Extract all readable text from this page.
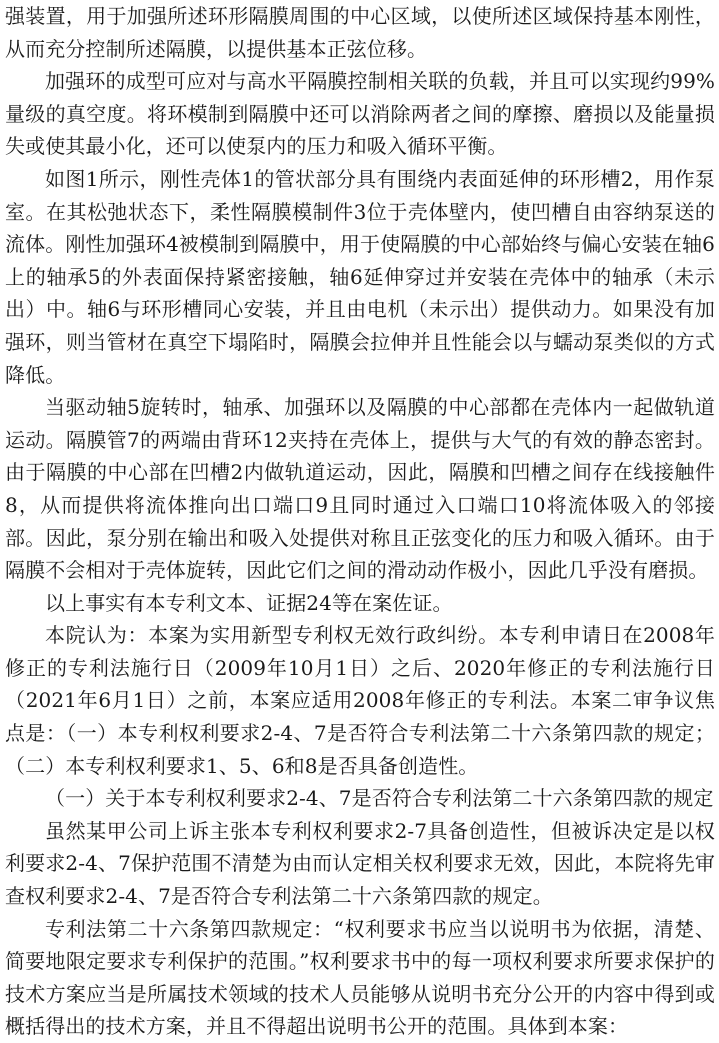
强装置，用于加强所述环形隔膜周围的中心区域，以使所述区域保持基本刚性，从而充分控制所述隔膜，以提供基本正弦位移。

加强环的成型可应对与高水平隔膜控制相关联的负载，并且可以实现约99%量级的真空度。将环模制到隔膜中还可以消除两者之间的摩擦、磨损以及能量损失或使其最小化，还可以使泵内的压力和吸入循环平衡。

如图1所示，刚性壳体1的管状部分具有围绕内表面延伸的环形槽2，用作泵室。在其松弛状态下，柔性隔膜模制件3位于壳体壁内，使凹槽自由容纳泵送的流体。刚性加强环4被模制到隔膜中，用于使隔膜的中心部始终与偏心安装在轴6上的轴承5的外表面保持紧密接触，轴6延伸穿过并安装在壳体中的轴承（未示出）中。轴6与环形槽同心安装，并且由电机（未示出）提供动力。如果没有加强环，则当管材在真空下塌陷时，隔膜会拉伸并且性能会以与蠕动泵类似的方式降低。

当驱动轴5旋转时，轴承、加强环以及隔膜的中心部都在壳体内一起做轨道运动。隔膜管7的两端由背环12夹持在壳体上，提供与大气的有效的静态密封。由于隔膜的中心部在凹槽2内做轨道运动，因此，隔膜和凹槽之间存在线接触件8，从而提供将流体推向出口端口9且同时通过入口端口10将流体吸入的邻接部。因此，泵分别在输出和吸入处提供对称且正弦变化的压力和吸入循环。由于隔膜不会相对于壳体旋转，因此它们之间的滑动动作极小，因此几乎没有磨损。

以上事实有本专利文本、证据24等在案佐证。

本院认为：本案为实用新型专利权无效行政纠纷。本专利申请日在2008年修正的专利法施行日（2009年10月1日）之后、2020年修正的专利法施行日（2021年6月1日）之前，本案应适用2008年修正的专利法。本案二审争议焦点是：（一）本专利权利要求2-4、7是否符合专利法第二十六条第四款的规定；（二）本专利权利要求1、5、6和8是否具备创造性。

（一）关于本专利权利要求2-4、7是否符合专利法第二十六条第四款的规定

虽然某甲公司上诉主张本专利权利要求2-7具备创造性，但被诉决定是以权利要求2-4、7保护范围不清楚为由而认定相关权利要求无效，因此，本院将先审查权利要求2-4、7是否符合专利法第二十六条第四款的规定。

专利法第二十六条第四款规定：“权利要求书应当以说明书为依据，清楚、简要地限定要求专利保护的范围。”权利要求书中的每一项权利要求所要求保护的技术方案应当是所属技术领域的技术人员能够从说明书充分公开的内容中得到或概括得出的技术方案，并且不得超出说明书公开的范围。具体到本案：
